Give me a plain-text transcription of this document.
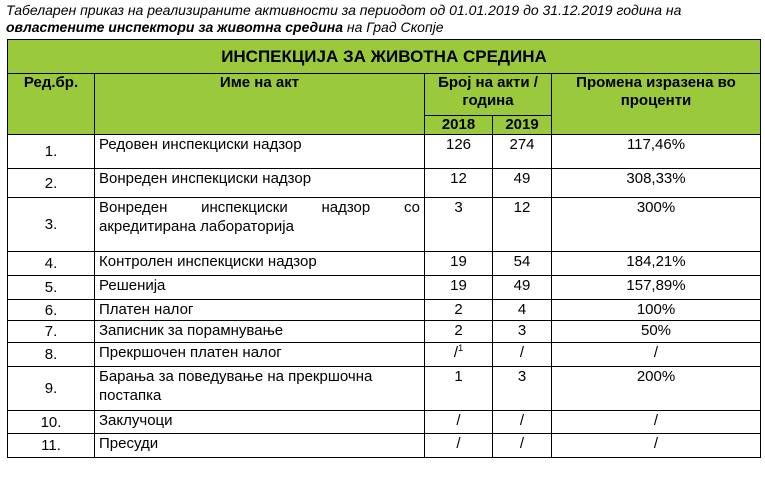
Табеларен приказ на реализираните активности за периодот од 01.01.2019 до 31.12.2019 година на
овластените инспектори за животна средина на Град Скопје
ИНСПЕКЦИЈА ЗА ЖИВОТНА СРЕДИНА				
Ред.бр.	Име на акт	Број на акти / година		Промена изразена во проценти
		2018	2019	
1.	Редовен инспекциски надзор	126	274	117,46%
2.	Вонреден инспекциски надзор	12	49	308,33%
3.	Вонреден инспекциски надзор со акредитирана лабораторија	3	12	300%
4.	Контролен инспекциски надзор	19	54	184,21%
5.	Решенија	19	49	157,89%
6.	Платен налог	2	4	100%
7.	Записник за порамнување	2	3	50%
8.	Прекршочен платен налог	/$^1$	/	/
9.	Барања за поведување на прекршочна постапка	1	3	200%
10.	Заклучоци	/	/	/
11.	Пресуди	/	/	/
